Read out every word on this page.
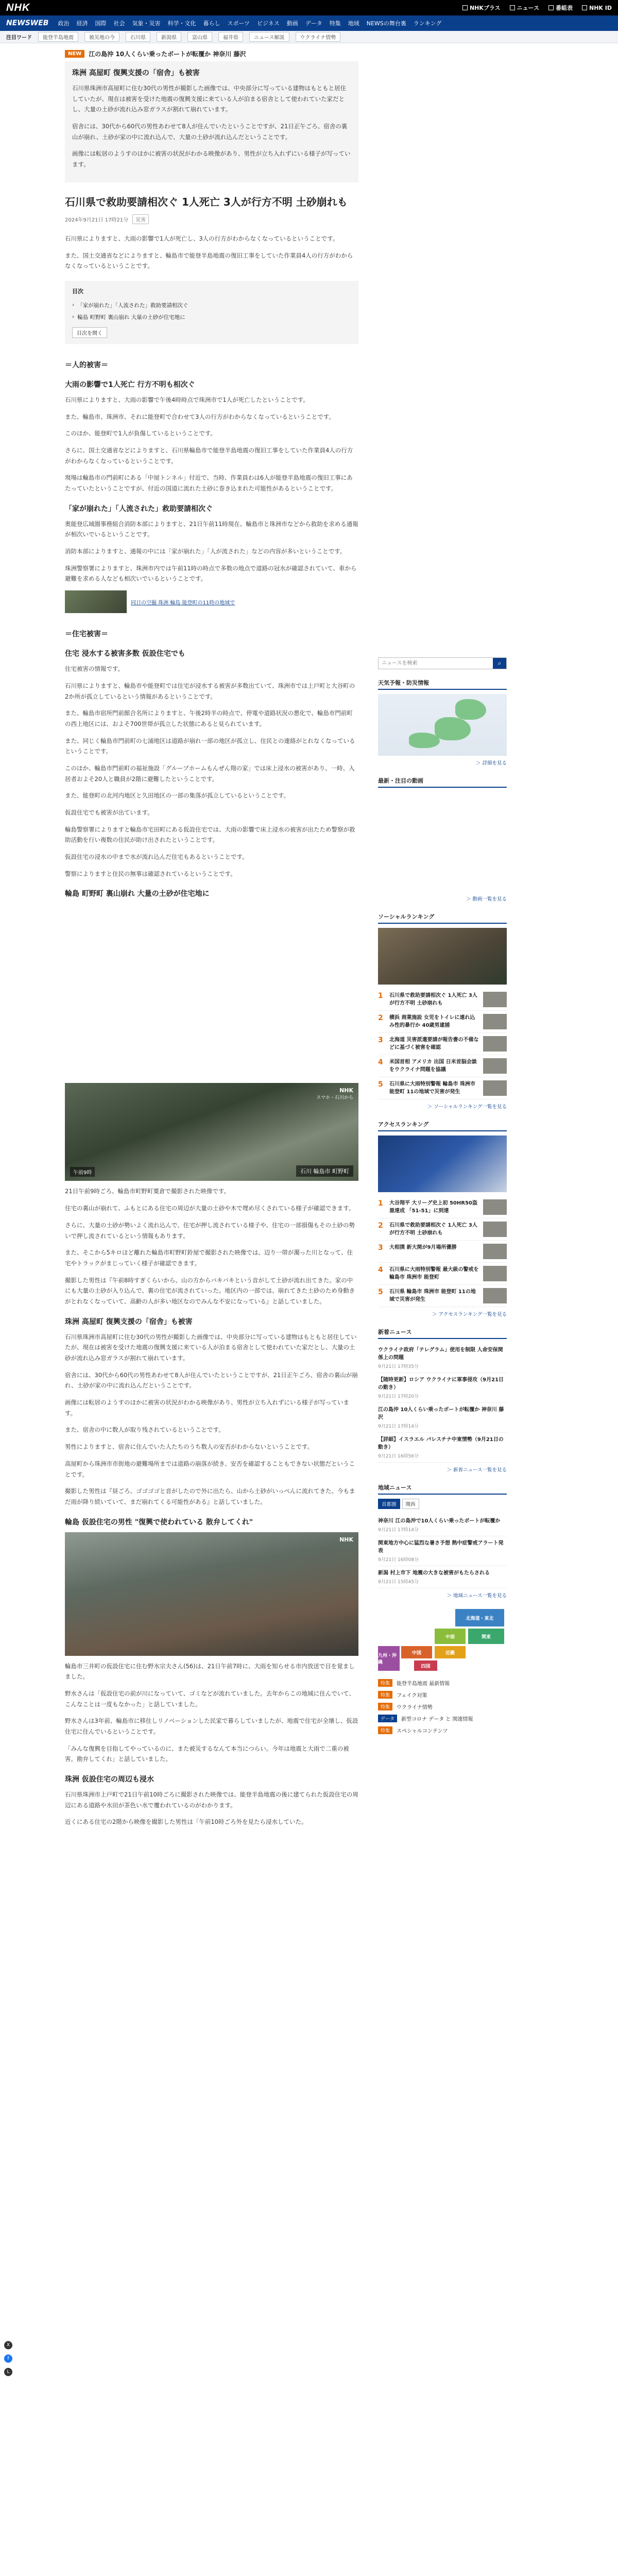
NHK	NHKプラス	ニュース	番組表	NHK ID
NEWSWEB 政治 経済 国際 社会 気象・災害 科学・文化 暮らし スポーツ ビジネス 動画 データ 特集 地域 NEWSの舞台裏 ランキング
注目ワード	能登半島地震	被災地の今	石川県	新潟県	富山県	福井県	ニュース解説	ウクライナ情勢
X
f
L
NEW	江の島沖 10人くらい乗ったボートが転覆か 神奈川 藤沢
珠洲 高屋町 復興支援の「宿舎」も被害

石川県珠洲市高屋町に住む30代の男性が撮影した画像では、中央部分に写っている建物はもともと居住していたが、現在は被害を受けた地震の復興支援に来ている人が泊まる宿舎として使われていた家だとし、大量の土砂が流れ込み窓ガラスが割れて崩れています。

宿舎には、30代から60代の男性あわせて8人が住んでいたということですが、21日正午ごろ、宿舎の裏山が崩れ、土砂が家の中に流れ込んで、大量の土砂が流れ込んだということです。

画像には転居のようすのほかに被害の状況がわかる映像があり、男性が立ち入れずにいる様子が写っています。

石川県で救助要請相次ぐ 1人死亡 3人が行方不明 土砂崩れも
2024年9月21日 17時21分	災害

石川県によりますと、大雨の影響で1人が死亡し、3人の行方がわからなくなっているということです。

また、国土交通省などによりますと、輪島市で能登半島地震の復旧工事をしていた作業員4人の行方がわからなくなっているということです。

目次
› 「家が崩れた」「人流された」救助要請相次ぐ
› 輪島 町野町 裏山崩れ 大量の土砂が住宅地に
目次を開く
＝人的被害＝
大雨の影響で1人死亡 行方不明も相次ぐ

石川県によりますと、大雨の影響で午後4時時点で珠洲市で1人が死亡したということです。

また、輪島市、珠洲市、それに能登町で合わせて3人の行方がわからなくなっているということです。

このほか、能登町で1人が負傷しているということです。

さらに、国土交通省などによりますと、石川県輪島市で能登半島地震の復旧工事をしていた作業員4人の行方がわからなくなっているということです。

現場は輪島市の門前町にある「中屋トンネル」付近で、当時、作業員わは6人が能登半島地震の復旧工事にあたっていたということですが、付近の国道に流れた土砂に巻き込まれた可能性があるということです。

「家が崩れた」「人流された」救助要請相次ぐ

奥能登広域圏事務組合消防本部によりますと、21日午前11時現在、輪島市と珠洲市などから救助を求める通報が相次いでいるということです。

消防本部によりますと、通報の中には「家が崩れた」「人が流された」などの内容が多いということです。

珠洲警察署によりますと、珠洲市内では午前11時の時点で多数の地点で道路の冠水が確認されていて、車から避難を求める人なども相次いでいるということです。

同日の空撮 珠洲 輪島 能登町の11時の地域で
＝住宅被害＝
住宅 浸水する被害多数 仮設住宅でも

住宅被害の情報です。

石川県によりますと、輪島市や能登町では住宅が浸水する被害が多数出ていて、珠洲市では上戸町と大谷町の2か所が孤立しているという情報があるということです。

また、輪島市宿所門前館合名所によりますと、午後2時半の時点で、停電や道路状況の悪化で、輪島市門前町の西上地区には、およそ700世帯が孤立した状態にあると見られています。

また、同じく輪島市門前町の七浦地区は道路が崩れ一部の地区が孤立し、住民との連絡がとれなくなっているということです。

このほか、輪島市門前町の福祉施設「グループホームもんぜん翔の家」では床上浸水の被害があり、一時、入居者およそ20人と職員が2階に避難したということです。

また、能登町の北河内地区と久田地区の一部の集落が孤立しているということです。

仮設住宅でも被害が出ています。

輪島警察署によりますと輪島市宅田町にある仮設住宅では、大雨の影響で床上浸水の被害が出たため警察が救助活動を行い複数の住民が助け出されたということです。

仮設住宅の浸水の中まで水が流れ込んだ住宅もあるということです。

警察によりますと住民の無事は確認されているということです。

輪島 町野町 裏山崩れ 大量の土砂が住宅地に
NHK
スマホ・石川から
午前9時	石川 輪島市 町野町

21日午前9時ごろ、輪島市町野町粟倉で撮影された映像です。

住宅の裏山が崩れて、ふもとにある住宅の周辺が大量の土砂や木で埋め尽くされている様子が確認できます。

さらに、大量の土砂が勢いよく流れ込んで、住宅が押し流されている様子や、住宅の一部損傷もその土砂の勢いで押し流されているという情報もあります。

また、そこから5キロほど離れた輪島市町野町鈴屋で撮影された映像では、辺り一帯が濁った川となって、住宅やトラックがまじっていく様子が確認できます。

撮影した男性は『午前8時すぎくらいから、山の方からバキバキという音がして土砂が流れ出てきた。家の中にも大量の土砂が入り込んで、裏の住宅が流されていった。地区内の一部では、崩れてきた土砂のため身動きがとれなくなっていて、高齢の人が多い地区なのでみんな不安になっている』と話していました。

珠洲 高屋町 復興支援の「宿舎」も被害

石川県珠洲市高屋町に住む30代の男性が撮影した画像では、中央部分に写っている建物はもともと居住していたが、現在は被害を受けた地震の復興支援に来ている人が泊まる宿舎として使われていた家だとし、大量の土砂が流れ込み窓ガラスが割れて崩れています。

宿舎には、30代から60代の男性あわせて8人が住んでいたということですが、21日正午ごろ、宿舎の裏山が崩れ、土砂が家の中に流れ込んだということです。

画像には転居のようすのほかに被害の状況がわかる映像があり、男性が立ち入れずにいる様子が写っています。

また、宿舎の中に数人が取り残されているということです。

男性によりますと、宿舎に住んでいた人たちのうち数人の安否がわからないということです。

高屋町から珠洲市市街地の避難場所までは道路の崩落が続き、安否を確認することもできない状態だということです。

撮影した男性は『昼ごろ、ゴゴゴゴと音がしたので外に出たら、山から土砂がいっぺんに流れてきた。今もまだ雨が降り続いていて、まだ崩れてくる可能性がある』と話していました。

輪島 仮設住宅の男性 "復興で使われている 散弁してくれ"
NHK

輪島市三井町の仮設住宅に住む野水宗夫さん(56)は、21日午前7時に、大雨を知らせる市内放送で目を覚ましました。

野水さんは「仮設住宅の前が川になっていて、ゴミなどが流れていました。去年からこの地域に住んでいて、こんなことは一度もなかった」と話していました。

野水さんは3年前、輪島市に移住しリノベーションした民家で暮らしていましたが、地震で住宅が全壊し、仮設住宅に住んでいるということです。

「みんな復興を目指してやっているのに、また被災するなんて本当につらい。今年は地震と大雨で二重の被害。勘弁してくれ」と話していました。

珠洲 仮設住宅の周辺も浸水

石川県珠洲市上戸町で21日午前10時ごろに撮影された映像では、能登半島地震の後に建てられた仮設住宅の周辺にある道路や水田が茶色い水で覆われているのがわかります。

近くにある住宅の2階から映像を撮影した男性は「午前10時ごろ外を見たら浸水していた。

ニュースを検索
⌕
天気予報・防災情報
＞ 詳細を見る
最新・注目の動画
＞ 動画一覧を見る
ソーシャルランキング
1	石川県で救助要請相次ぐ 1人死亡 3人が行方不明 土砂崩れも
2	横浜 商業施設 女児をトイレに連れ込み性的暴行か 40歳男逮捕
3	北海道 災害派遣要請が報告書の不備などに基づく被害を確認
4	米国首相 アメリカ 出国 日米首脳会談をウクライナ問題を協議
5	石川県に大雨特別警報 輪島市 珠洲市 能登町 11の地域で災害が発生
＞ ソーシャルランキング一覧を見る
アクセスランキング
1	大谷翔平 大リーグ史上初 50HR50盗塁達成 「51-51」に到達
2	石川県で救助要請相次ぐ 1人死亡 3人が行方不明 土砂崩れも
3	大相撲 新大関が9月場所優勝
4	石川県に大雨特別警報 最大級の警戒を 輪島市 珠洲市 能登町
5	石川県 輪島市 珠洲市 能登町 11の地域で災害が発生
＞ アクセスランキング一覧を見る
新着ニュース
ウクライナ政府「テレグラム」使用を制限 人命安保関係上の問題
9月21日 17時35分
【随時更新】ロシア ウクライナに軍事侵攻（9月21日の動き）
9月21日 17時20分
江の島沖 10人くらい乗ったボートが転覆か 神奈川 藤沢
9月21日 17時14分
【詳細】イスラエル パレスチナ中東情勢（9月21日の動き）
9月21日 16時56分
＞ 新着ニュース一覧を見る
地域ニュース
首都圏	関西
神奈川 江の島沖で10人くらい乗ったボートが転覆か
9月21日 17時14分
関東地方中心に猛烈な暑さ予想 熱中症警戒アラート発表
9月21日 16時08分
新潟 村上市下 地震の大きな被害がもたらされる
9月21日 15時45分
＞ 地域ニュース一覧を見る
北海道・東北
関東
中部
近畿
中国
四国
九州・沖縄
特集	能登半島地震 最新情報
特集	フェイク対策
特集	ウクライナ情勢
データ	新型コロナ データ と 関連情報
特集	スペシャルコンテンツ
